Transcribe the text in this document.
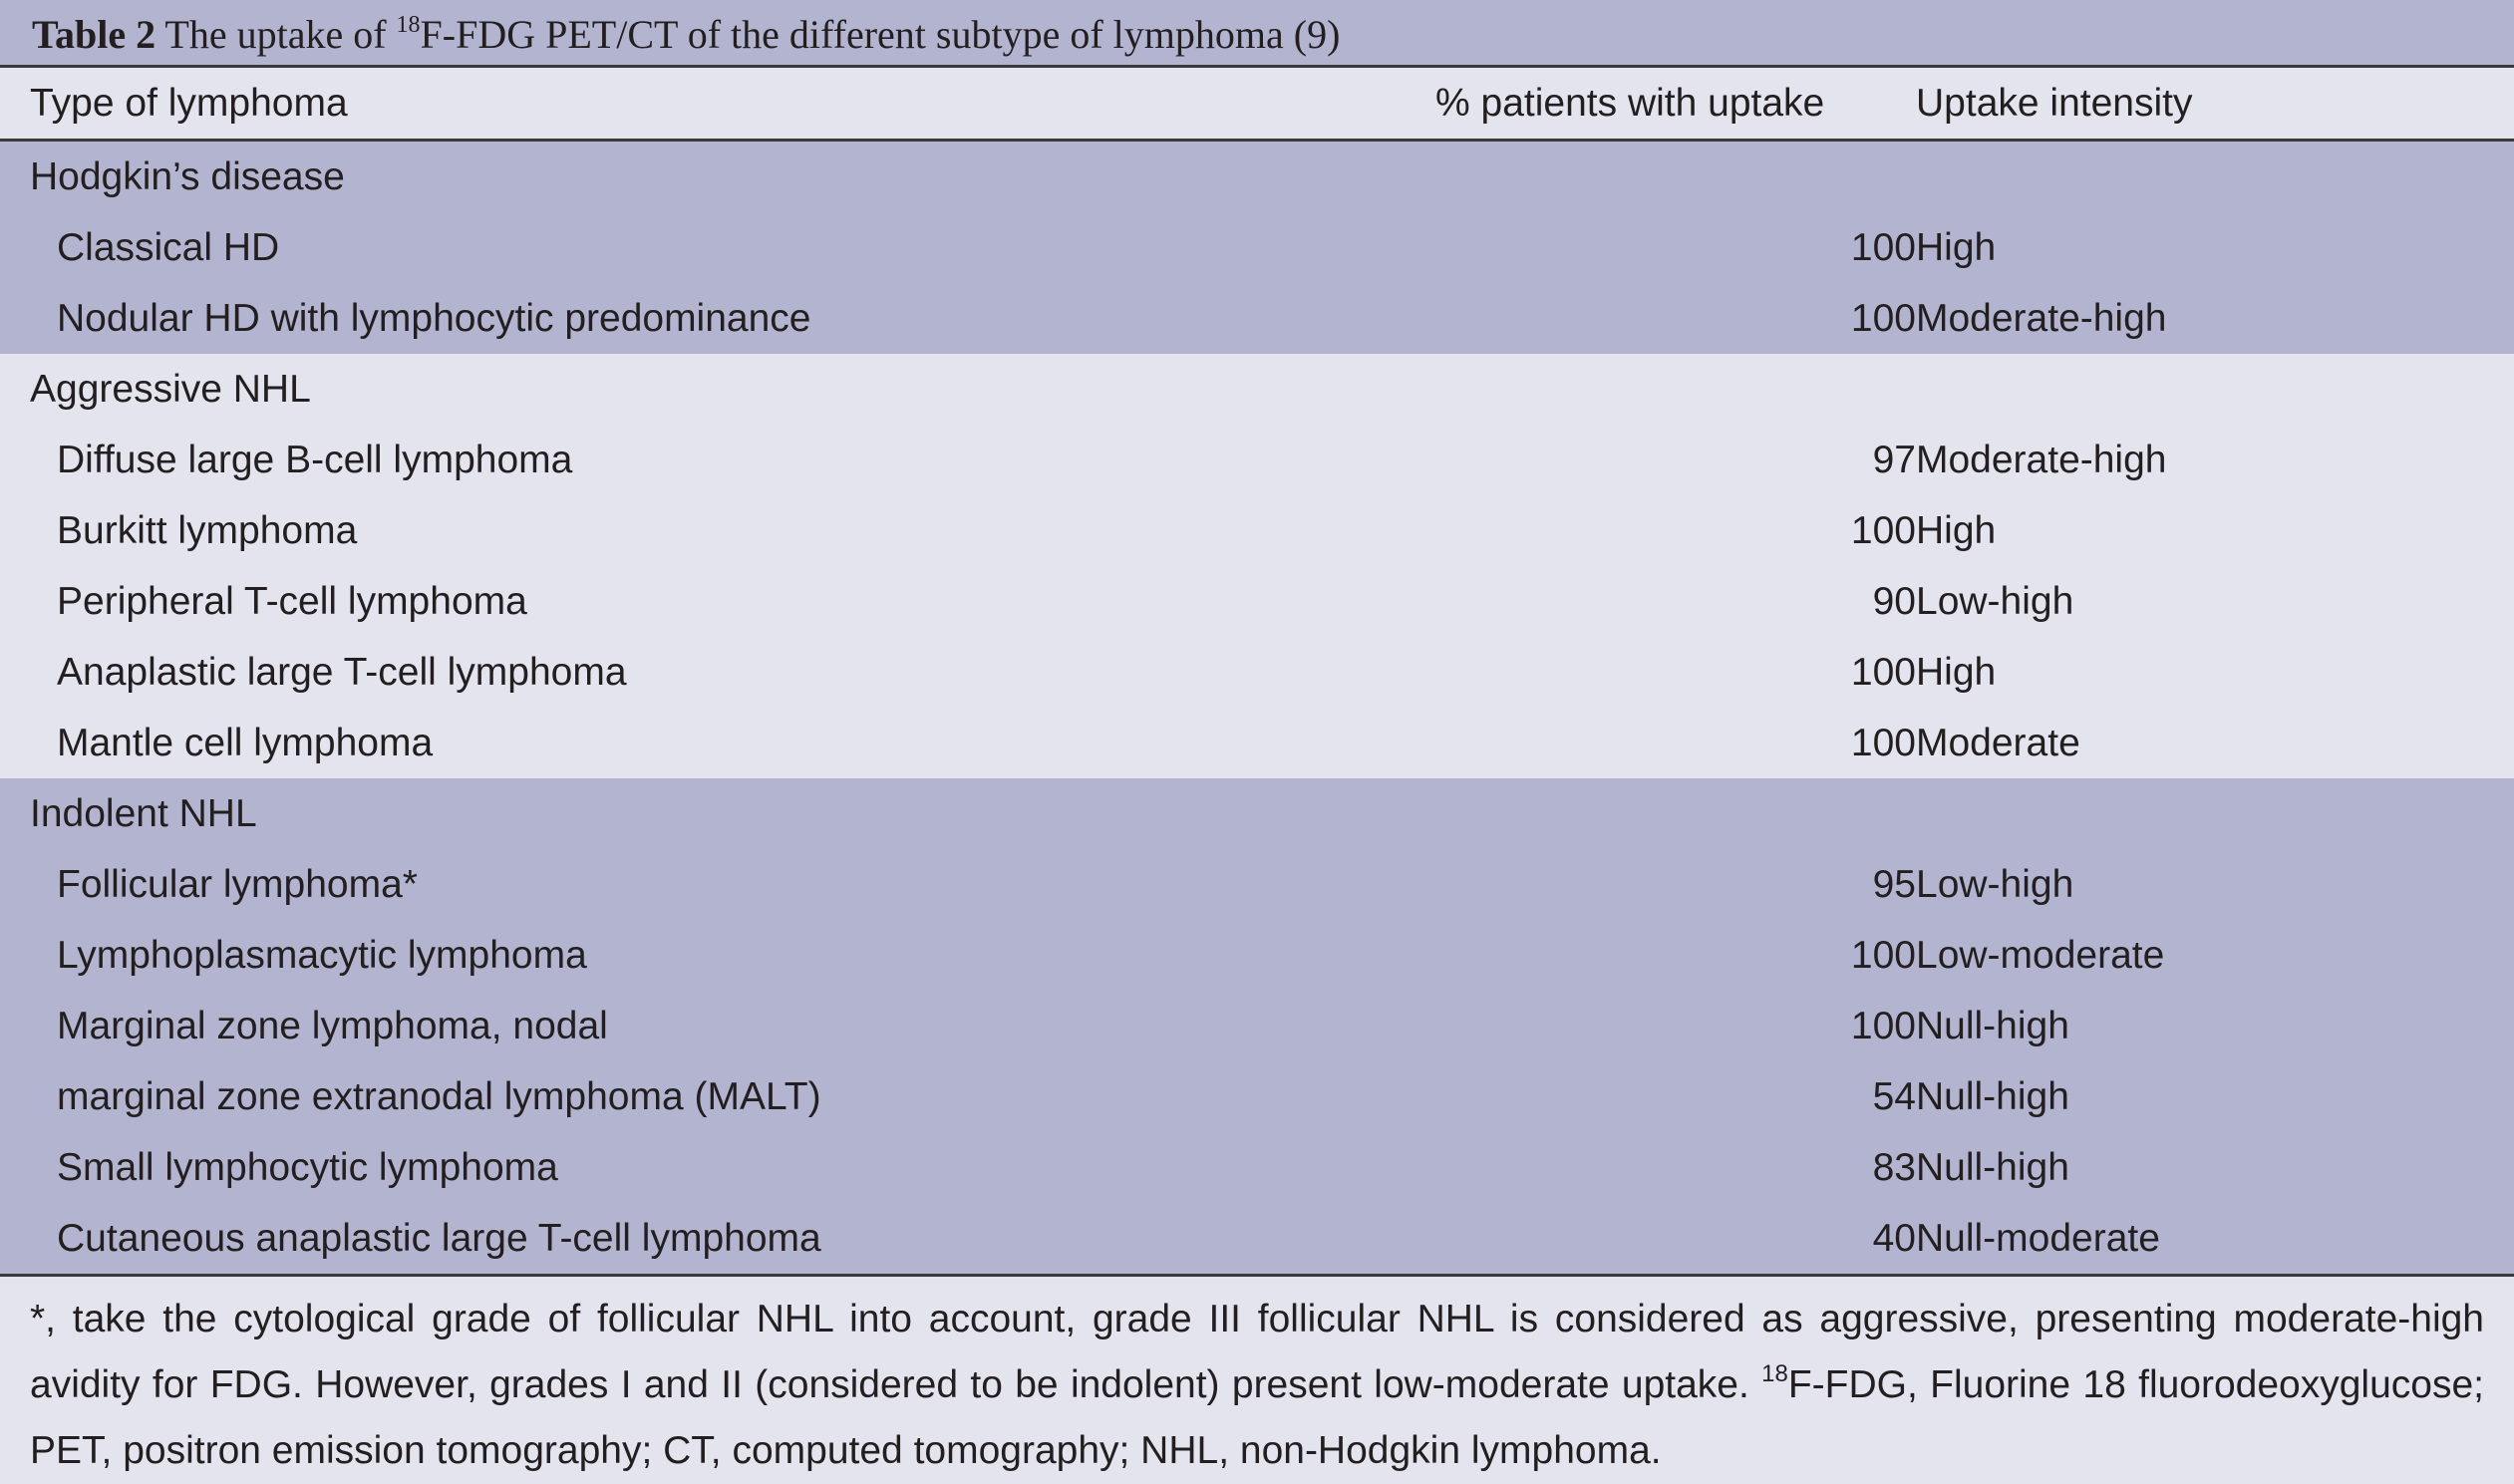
Table 2 The uptake of $^{18}$F-FDG PET/CT of the different subtype of lymphoma (9)
Type of lymphoma	% patients with uptake	Uptake intensity
Hodgkin’s disease		
Classical HD	100	High
Nodular HD with lymphocytic predominance	100	Moderate-high
Aggressive NHL		
Diffuse large B-cell lymphoma	97	Moderate-high
Burkitt lymphoma	100	High
Peripheral T-cell lymphoma	90	Low-high
Anaplastic large T-cell lymphoma	100	High
Mantle cell lymphoma	100	Moderate
Indolent NHL		
Follicular lymphoma*	95	Low-high
Lymphoplasmacytic lymphoma	100	Low-moderate
Marginal zone lymphoma, nodal	100	Null-high
marginal zone extranodal lymphoma (MALT)	54	Null-high
Small lymphocytic lymphoma	83	Null-high
Cutaneous anaplastic large T-cell lymphoma	40	Null-moderate
*, take the cytological grade of follicular NHL into account, grade III follicular NHL is considered as aggressive, presenting moderate-high avidity for FDG. However, grades I and II (considered to be indolent) present low-moderate uptake. $^{18}$F-FDG, Fluorine 18 fluorodeoxyglucose; PET, positron emission tomography; CT, computed tomography; NHL, non-Hodgkin lymphoma.
